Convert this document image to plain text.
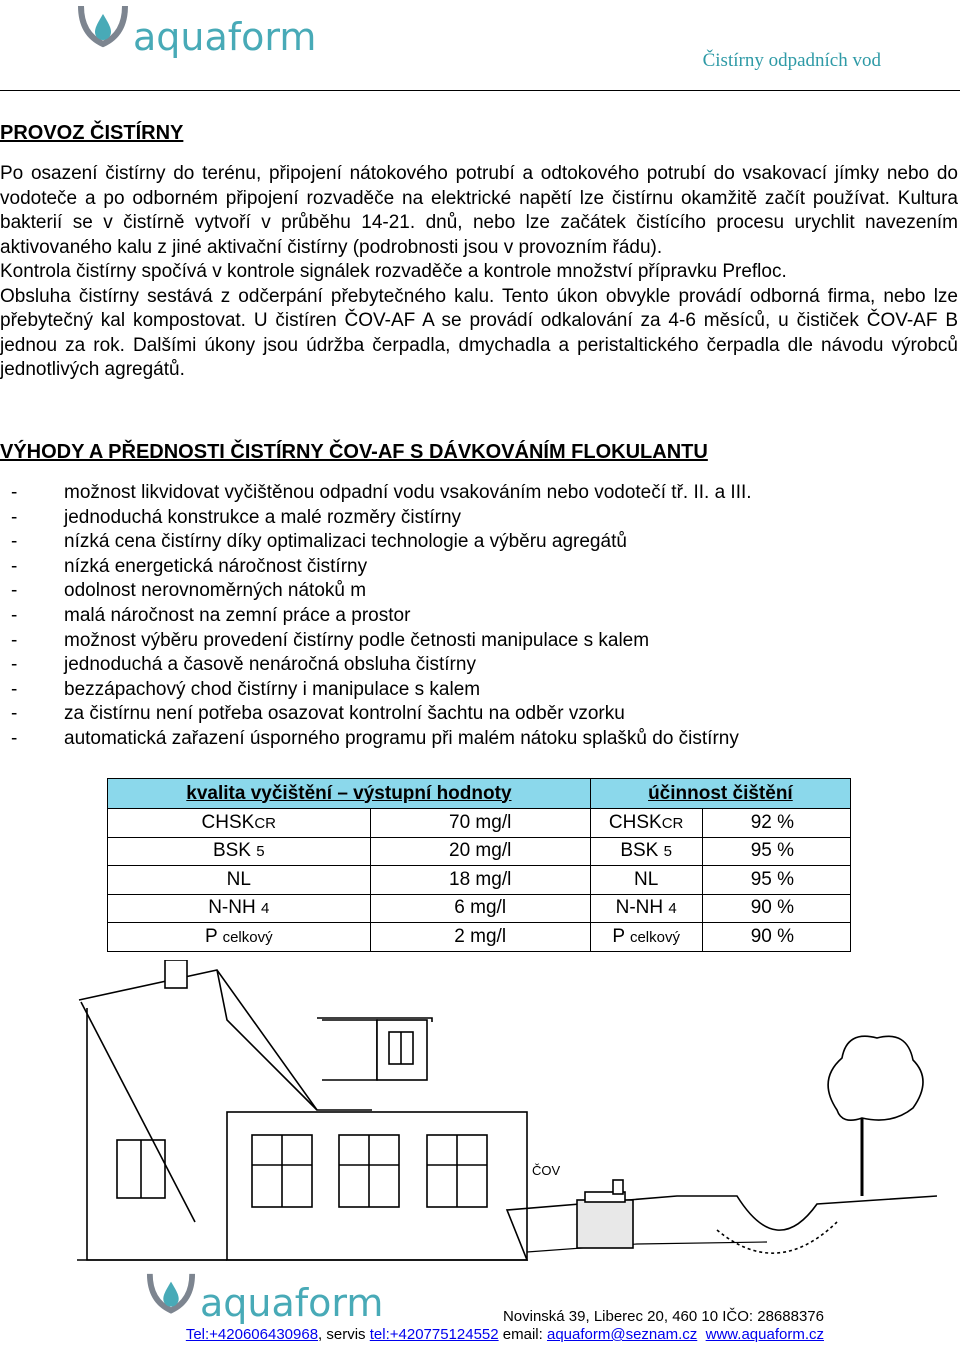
aquaform
Čistírny odpadních vod
PROVOZ ČISTÍRNY

Po osazení čistírny do terénu, připojení nátokového potrubí a odtokového potrubí do vsakovací jímky nebo do vodoteče a po odborném připojení rozvaděče na elektrické napětí lze čistírnu okamžitě začít používat. Kultura bakterií se v čistírně vytvoří v průběhu 14-21. dnů, nebo lze začátek čistícího procesu urychlit navezením aktivovaného kalu z jiné aktivační čistírny (podrobnosti jsou v provozním řádu).

Kontrola čistírny spočívá v kontrole signálek rozvaděče a kontrole množství přípravku Prefloc.

Obsluha čistírny sestává z odčerpání přebytečného kalu. Tento úkon obvykle provádí odborná firma, nebo lze přebytečný kal kompostovat. U čistíren ČOV-AF A se provádí odkalování za 4-6 měsíců, u čističek ČOV-AF B jednou za rok. Dalšími úkony jsou údržba čerpadla, dmychadla a peristaltického čerpadla dle návodu výrobců jednotlivých agregátů.

VÝHODY A PŘEDNOSTI ČISTÍRNY ČOV-AF S DÁVKOVÁNÍM FLOKULANTU
- možnost likvidovat vyčištěnou odpadní vodu vsakováním nebo vodotečí tř. II. a III.
- jednoduchá konstrukce a malé rozměry čistírny
- nízká cena čistírny díky optimalizaci technologie a výběru agregátů
- nízká energetická náročnost čistírny
- odolnost nerovnoměrných nátoků m
- malá náročnost na zemní práce a prostor
- možnost výběru provedení čistírny podle četnosti manipulace s kalem
- jednoduchá a časově nenáročná obsluha čistírny
- bezzápachový chod čistírny i manipulace s kalem
- za čistírnu není potřeba osazovat kontrolní šachtu na odběr vzorku
- automatická zařazení úsporného programu při malém nátoku splašků do čistírny
kvalita vyčištění – výstupní hodnoty		účinnost čištění	
CHSKCR	70 mg/l	CHSKCR	92 %
BSK 5	20 mg/l	BSK 5	95 %
NL	18 mg/l	NL	95 %
N-NH 4	6 mg/l	N-NH 4	90 %
P celkový	2 mg/l	P celkový	90 %
ČOV
aquaform	Novinská 39, Liberec 20, 460 10 IČO: 28688376
Tel:+420606430968, servis tel:+420775124552 email: aquaform@seznam.cz www.aquaform.cz
